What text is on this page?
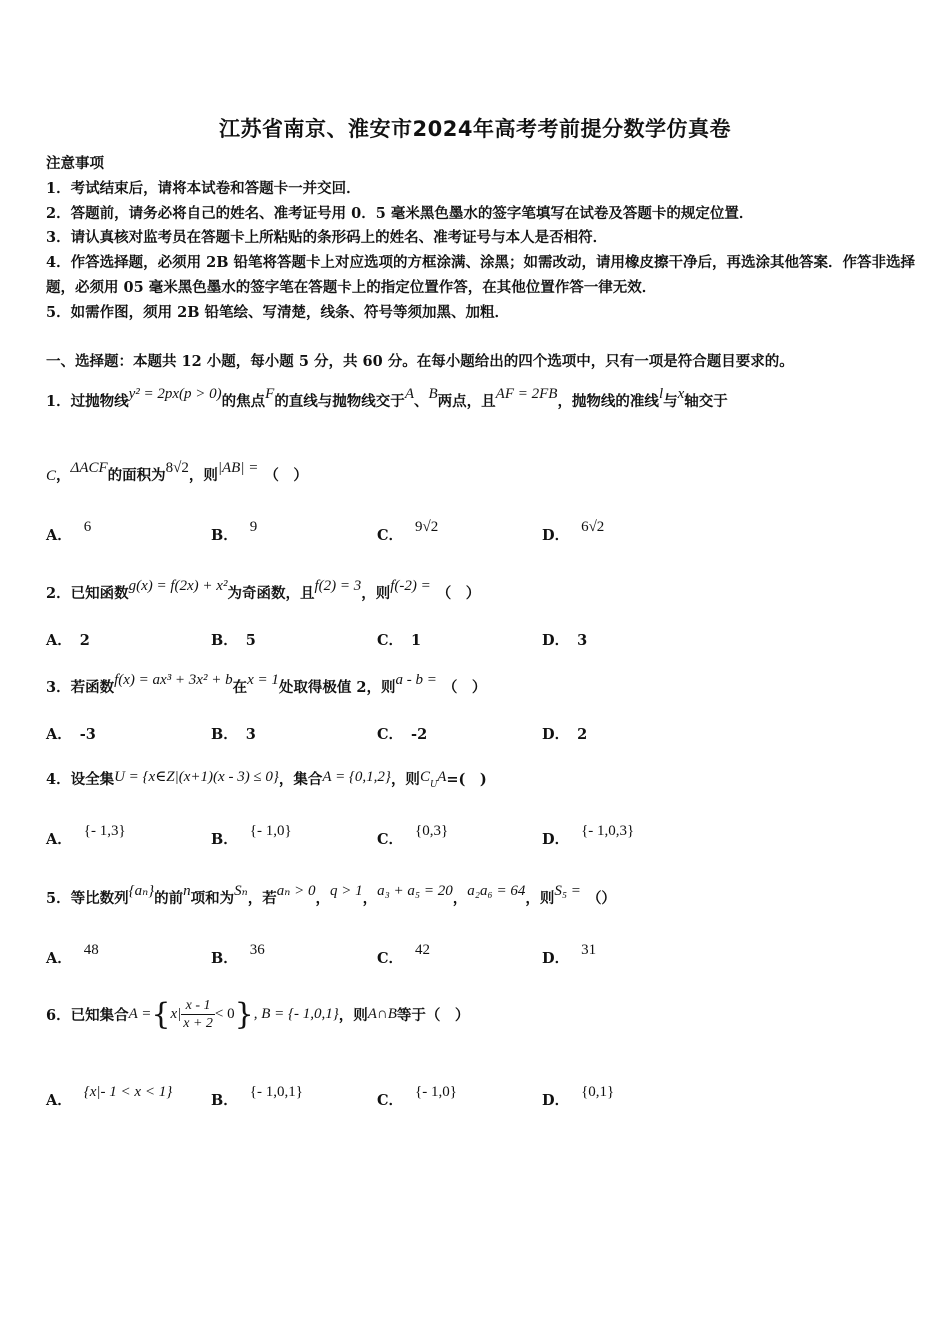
江苏省南京、淮安市2024年高考考前提分数学仿真卷

注意事项

1．考试结束后，请将本试卷和答题卡一并交回．

2．答题前，请务必将自己的姓名、准考证号用 0．5 毫米黑色墨水的签字笔填写在试卷及答题卡的规定位置．

3．请认真核对监考员在答题卡上所粘贴的条形码上的姓名、准考证号与本人是否相符．

4．作答选择题，必须用 2B 铅笔将答题卡上对应选项的方框涂满、涂黑；如需改动，请用橡皮擦干净后，再选涂其他答案．作答非选择题，必须用 05 毫米黑色墨水的签字笔在答题卡上的指定位置作答，在其他位置作答一律无效．

5．如需作图，须用 2B 铅笔绘、写清楚，线条、符号等须加黑、加粗．

一、选择题：本题共 12 小题，每小题 5 分，共 60 分。在每小题给出的四个选项中，只有一项是符合题目要求的。
1．过抛物线y² = 2px(p > 0)的焦点F的直线与抛物线交于A、B两点，且AF = 2FB，抛物线的准线l与x轴交于
C，ΔACF的面积为8√2，则|AB| = （　）
A． 6	B． 9	C． 9√2	D． 6√2
2．已知函数g(x) = f(2x) + x²为奇函数，且f(2) = 3，则f(-2) = （　）
A． 2	B． 5	C． 1	D． 3
3．若函数f(x) = ax³ + 3x² + b在x = 1处取得极值 2，则a - b = （　）
A． -3	B． 3	C． -2	D． 2
4．设全集U = {x∈Z|(x+1)(x - 3) ≤ 0}，集合A = {0,1,2}，则$C_UA=$(　)
A． {- 1,3}	B． {- 1,0}	C． {0,3}	D． {- 1,0,3}
5．等比数列{aₙ}的前n项和为Sₙ，若aₙ > 0，q > 1，a₃ + a₅ = 20，a₂a₆ = 64，则S₅ = （）
A． 48	B． 36	C． 42	D． 31
6．已知集合$A =\{x| \frac{x - 1}{x + 2} < 0\}$, B = {- 1,0,1}，则A∩B等于（　）
A． {x|- 1 < x < 1}	B． {- 1,0,1}	C． {- 1,0}	D． {0,1}
